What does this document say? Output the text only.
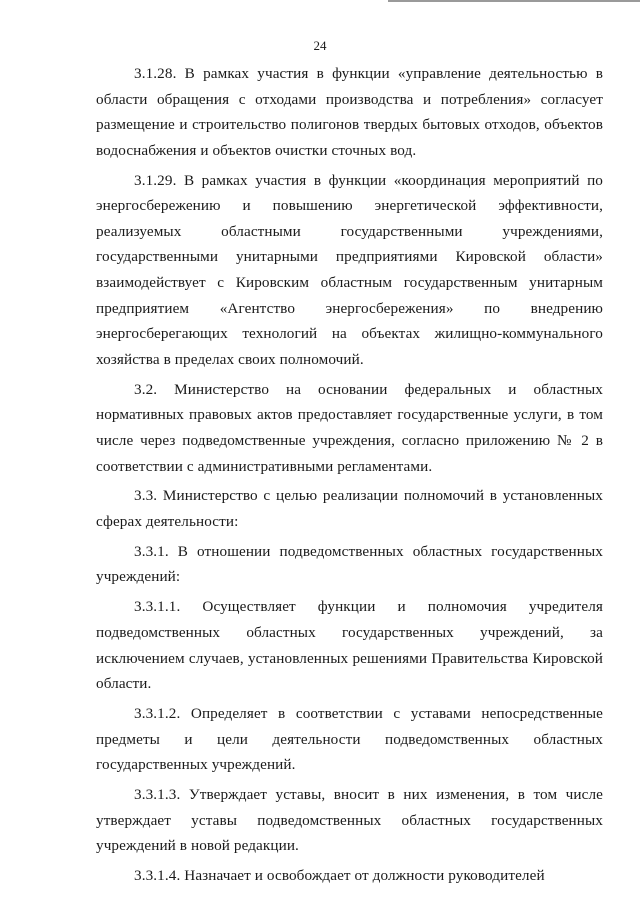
24

3.1.28. В рамках участия в функции «управление деятельностью в области обращения с отходами производства и потребления» согласует размещение и строительство полигонов твердых бытовых отходов, объектов водоснабжения и объектов очистки сточных вод.

3.1.29. В рамках участия в функции «координация мероприятий по энергосбережению и повышению энергетической эффективности, реализуемых областными государственными учреждениями, государственными унитарными предприятиями Кировской области» взаимодействует с Кировским областным государственным унитарным предприятием «Агентство энергосбережения» по внедрению энергосберегающих технологий на объектах жилищно-коммунального хозяйства в пределах своих полномочий.

3.2. Министерство на основании федеральных и областных нормативных правовых актов предоставляет государственные услуги, в том числе через подведомственные учреждения, согласно приложению № 2 в соответствии с административными регламентами.

3.3. Министерство с целью реализации полномочий в установленных сферах деятельности:

3.3.1. В отношении подведомственных областных государственных учреждений:

3.3.1.1. Осуществляет функции и полномочия учредителя подведомственных областных государственных учреждений, за исключением случаев, установленных решениями Правительства Кировской области.

3.3.1.2. Определяет в соответствии с уставами непосредственные предметы и цели деятельности подведомственных областных государственных учреждений.

3.3.1.3. Утверждает уставы, вносит в них изменения, в том числе утверждает уставы подведомственных областных государственных учреждений в новой редакции.

3.3.1.4. Назначает и освобождает от должности руководителей
